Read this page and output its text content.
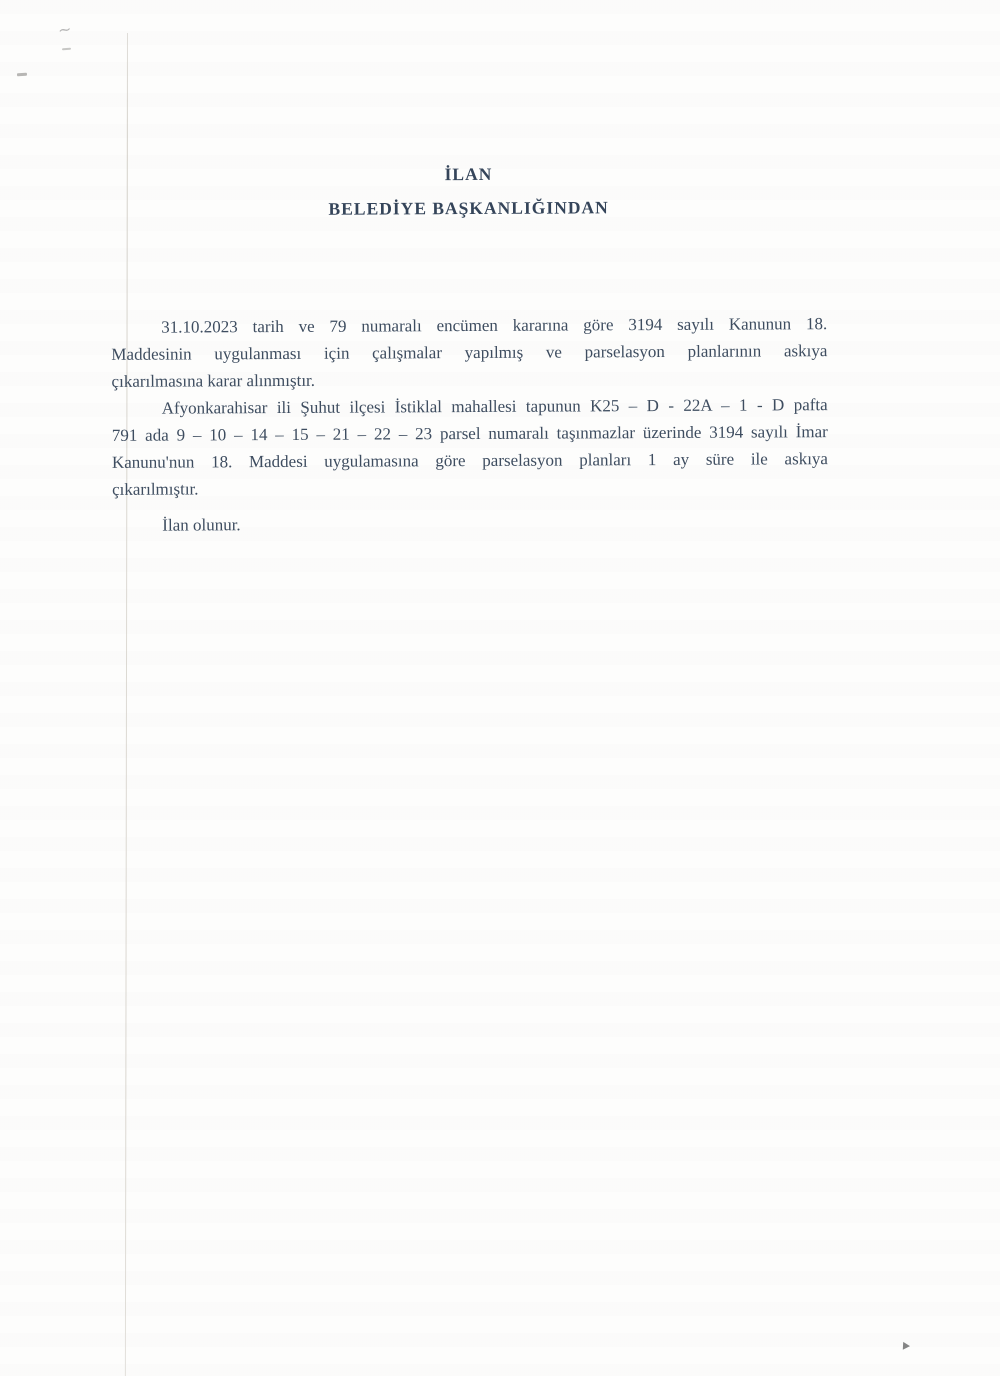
~
İLAN
BELEDİYE BAŞKANLIĞINDAN
31.10.2023 tarih ve 79 numaralı encümen kararına göre 3194 sayılı Kanunun 18.
Maddesinin uygulanması için çalışmalar yapılmış ve parselasyon planlarının askıya
çıkarılmasına karar alınmıştır.
Afyonkarahisar ili Şuhut ilçesi İstiklal mahallesi tapunun K25 – D - 22A – 1 - D pafta
791 ada 9 – 10 – 14 – 15 – 21 – 22 – 23 parsel numaralı taşınmazlar üzerinde 3194 sayılı İmar
Kanunu'nun 18. Maddesi uygulamasına göre parselasyon planları 1 ay süre ile askıya
çıkarılmıştır.
İlan olunur.
